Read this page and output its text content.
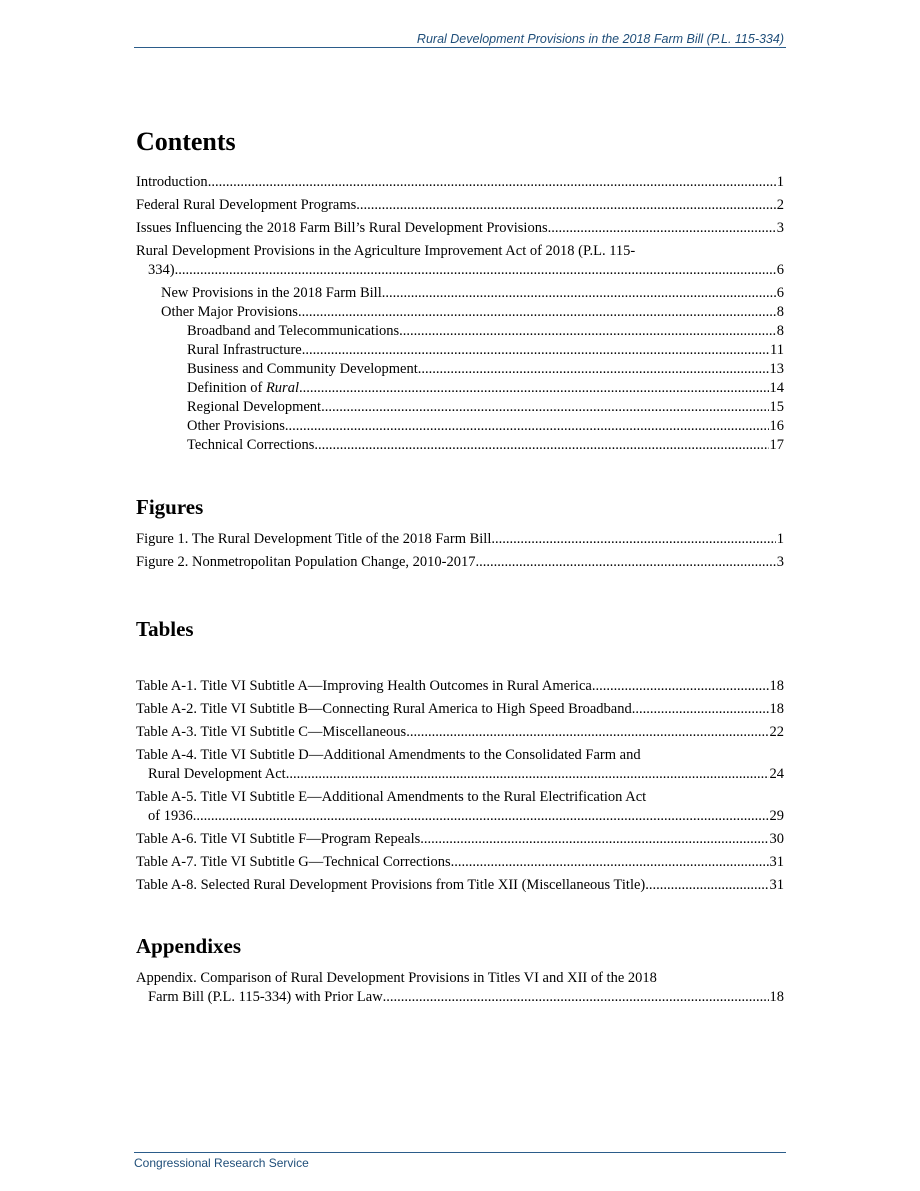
Rural Development Provisions in the 2018 Farm Bill (P.L. 115-334)
Contents
Introduction .....	1
Federal Rural Development Programs .....	2
Issues Influencing the 2018 Farm Bill’s Rural Development Provisions .....	3
Rural Development Provisions in the Agriculture Improvement Act of 2018 (P.L. 115-
334) .....	6
New Provisions in the 2018 Farm Bill .....	6
Other Major Provisions .....	8
Broadband and Telecommunications .....	8
Rural Infrastructure .....	11
Business and Community Development .....	13
Definition of Rural .....	14
Regional Development .....	15
Other Provisions .....	16
Technical Corrections .....	17
Figures
Figure 1. The Rural Development Title of the 2018 Farm Bill .....	1
Figure 2. Nonmetropolitan Population Change, 2010-2017 .....	3
Tables
Table A-1. Title VI Subtitle A—Improving Health Outcomes in Rural America .....	18
Table A-2. Title VI Subtitle B—Connecting Rural America to High Speed Broadband .....	18
Table A-3. Title VI Subtitle C—Miscellaneous .....	22
Table A-4. Title VI Subtitle D—Additional Amendments to the Consolidated Farm and
Rural Development Act .....	24
Table A-5. Title VI Subtitle E—Additional Amendments to the Rural Electrification Act
of 1936 .....	29
Table A-6. Title VI Subtitle F—Program Repeals .....	30
Table A-7. Title VI Subtitle G—Technical Corrections .....	31
Table A-8. Selected Rural Development Provisions from Title XII (Miscellaneous Title) .....	31
Appendixes
Appendix. Comparison of Rural Development Provisions in Titles VI and XII of the 2018
Farm Bill (P.L. 115-334) with Prior Law .....	18
Congressional Research Service
